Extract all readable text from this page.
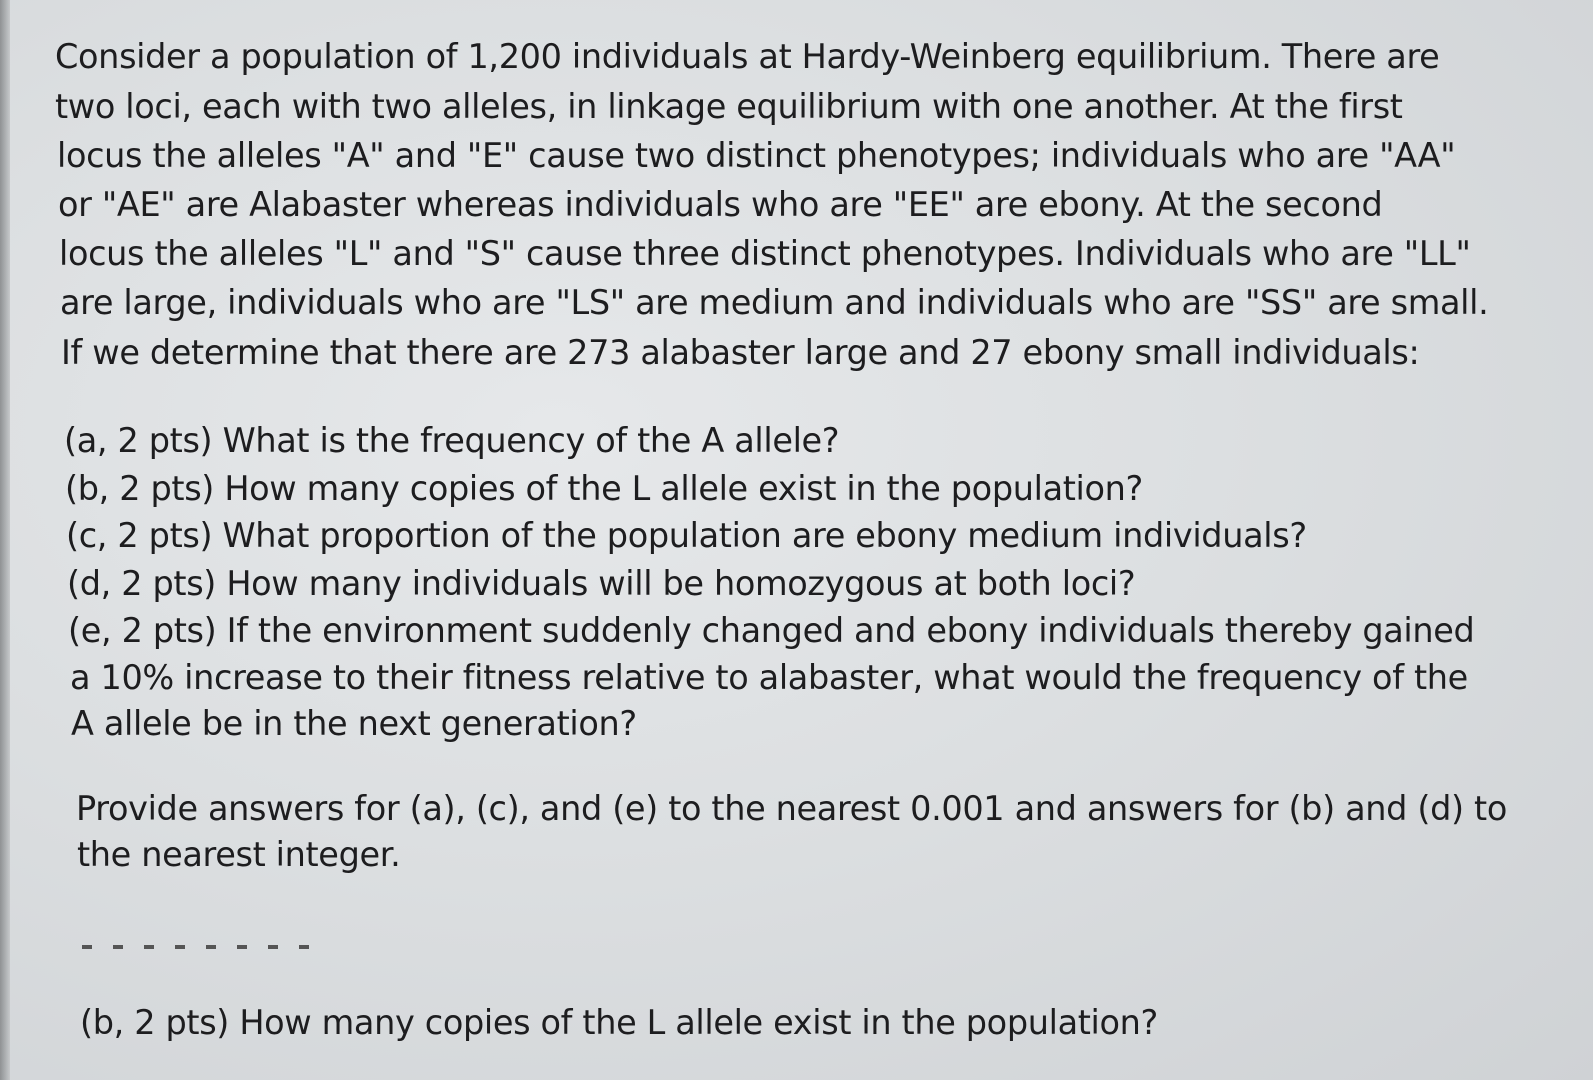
Consider a population of 1,200 individuals at Hardy-Weinberg equilibrium. There are
two loci, each with two alleles, in linkage equilibrium with one another. At the first
locus the alleles "A" and "E" cause two distinct phenotypes; individuals who are "AA"
or "AE" are Alabaster whereas individuals who are "EE" are ebony. At the second
locus the alleles "L" and "S" cause three distinct phenotypes. Individuals who are "LL"
are large, individuals who are "LS" are medium and individuals who are "SS" are small.
If we determine that there are 273 alabaster large and 27 ebony small individuals:
(a, 2 pts) What is the frequency of the A allele?
(b, 2 pts) How many copies of the L allele exist in the population?
(c, 2 pts) What proportion of the population are ebony medium individuals?
(d, 2 pts) How many individuals will be homozygous at both loci?
(e, 2 pts) If the environment suddenly changed and ebony individuals thereby gained
a 10% increase to their fitness relative to alabaster, what would the frequency of the
A allele be in the next generation?
Provide answers for (a), (c), and (e) to the nearest 0.001 and answers for (b) and (d) to
the nearest integer.
(b, 2 pts) How many copies of the L allele exist in the population?
